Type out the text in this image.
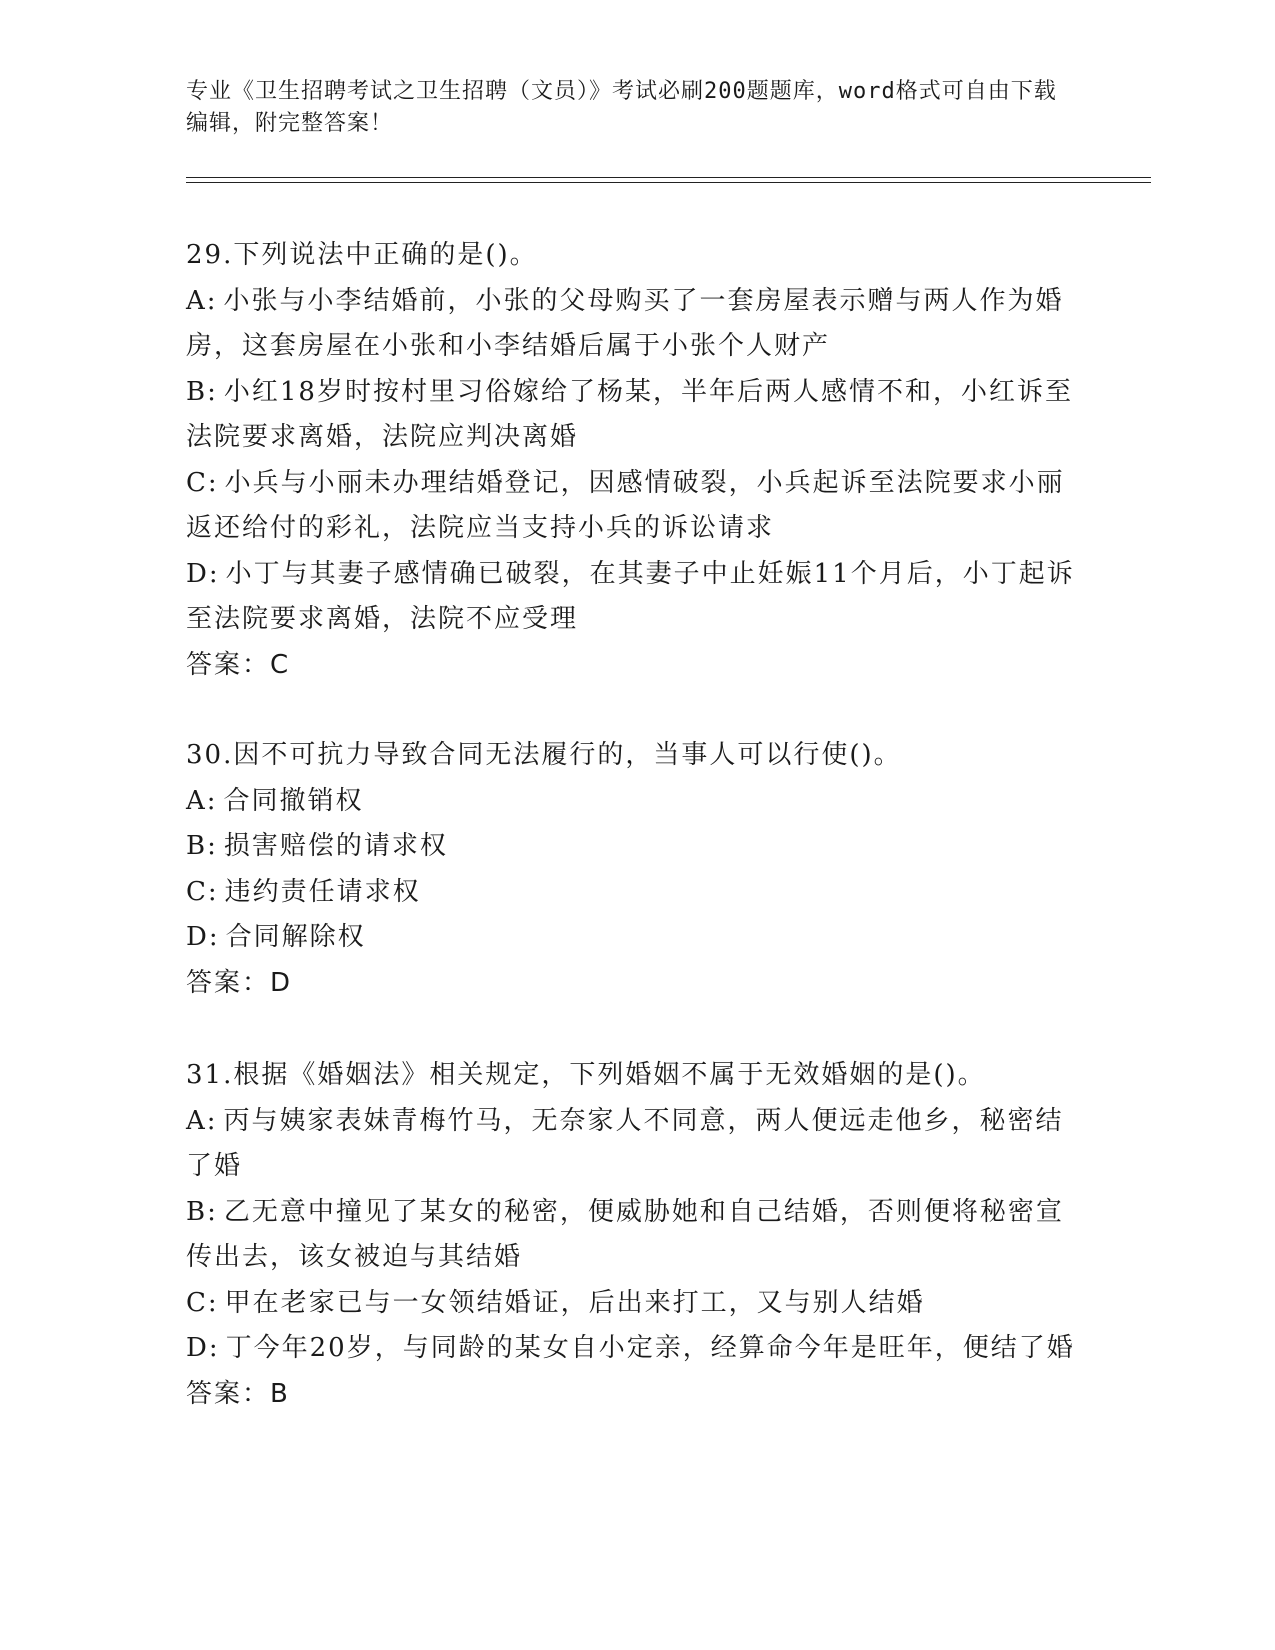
专业《卫生招聘考试之卫生招聘（文员）》考试必刷200题题库，word格式可自由下载编辑，附完整答案！
29.下列说法中正确的是()。
A: 小张与小李结婚前，小张的父母购买了一套房屋表示赠与两人作为婚房，这套房屋在小张和小李结婚后属于小张个人财产
B: 小红18岁时按村里习俗嫁给了杨某，半年后两人感情不和，小红诉至法院要求离婚，法院应判决离婚
C: 小兵与小丽未办理结婚登记，因感情破裂，小兵起诉至法院要求小丽返还给付的彩礼，法院应当支持小兵的诉讼请求
D: 小丁与其妻子感情确已破裂，在其妻子中止妊娠11个月后，小丁起诉至法院要求离婚，法院不应受理
答案：C
30.因不可抗力导致合同无法履行的，当事人可以行使()。
A: 合同撤销权
B: 损害赔偿的请求权
C: 违约责任请求权
D: 合同解除权
答案：D
31.根据《婚姻法》相关规定，下列婚姻不属于无效婚姻的是()。
A: 丙与姨家表妹青梅竹马，无奈家人不同意，两人便远走他乡，秘密结了婚
B: 乙无意中撞见了某女的秘密，便威胁她和自己结婚，否则便将秘密宣传出去，该女被迫与其结婚
C: 甲在老家已与一女领结婚证，后出来打工，又与别人结婚
D: 丁今年20岁，与同龄的某女自小定亲，经算命今年是旺年，便结了婚
答案：B
